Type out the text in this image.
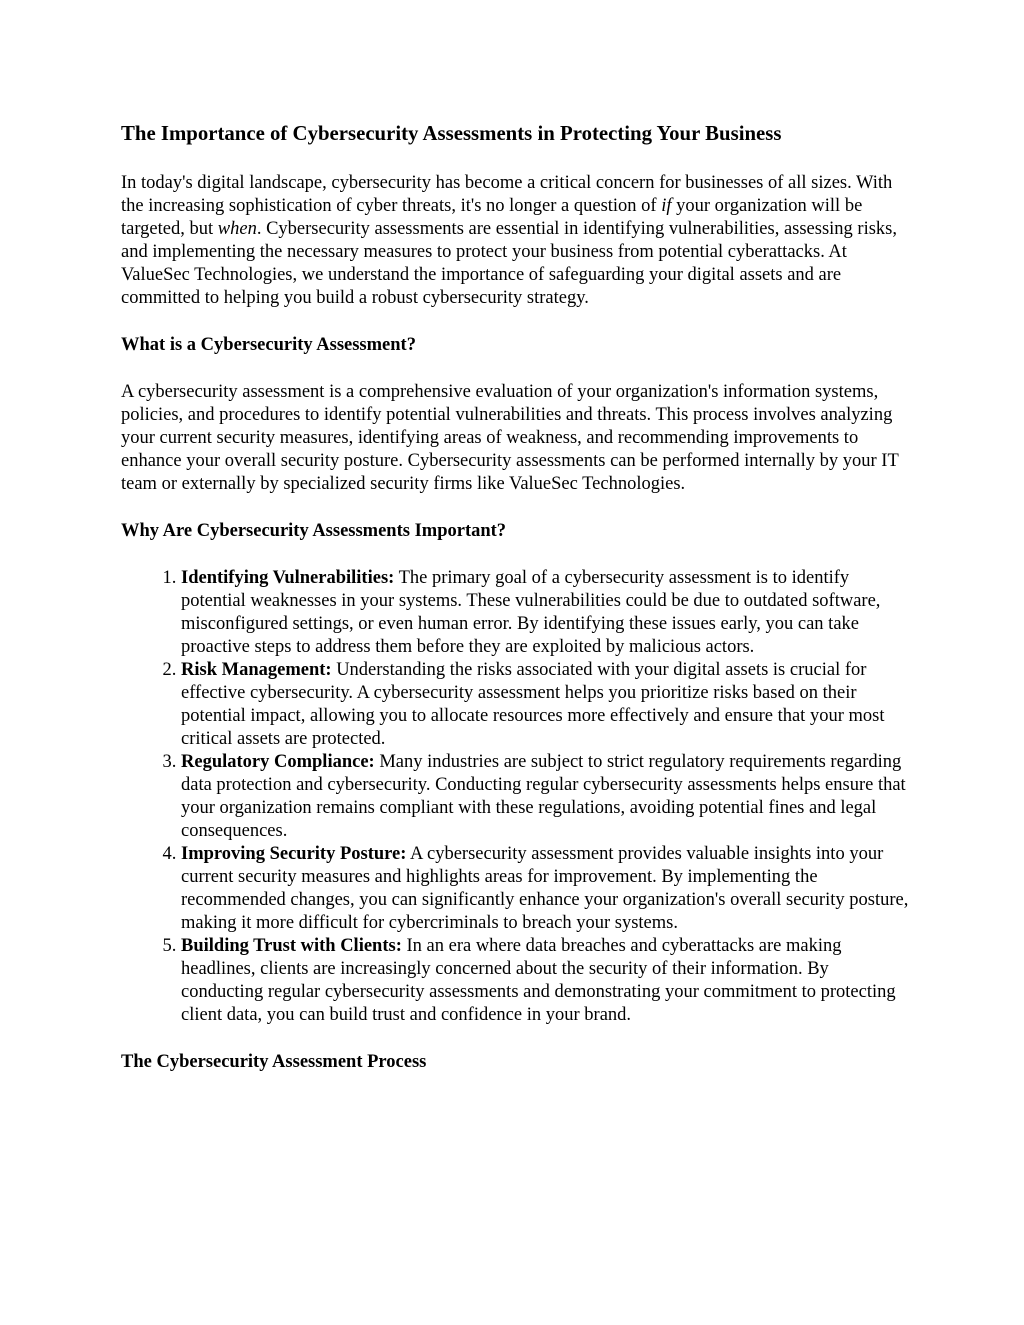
The Importance of Cybersecurity Assessments in Protecting Your Business

In today's digital landscape, cybersecurity has become a critical concern for businesses of all sizes. With the increasing sophistication of cyber threats, it's no longer a question of if your organization will be targeted, but when. Cybersecurity assessments are essential in identifying vulnerabilities, assessing risks, and implementing the necessary measures to protect your business from potential cyberattacks. At ValueSec Technologies, we understand the importance of safeguarding your digital assets and are committed to helping you build a robust cybersecurity strategy.

What is a Cybersecurity Assessment?

A cybersecurity assessment is a comprehensive evaluation of your organization's information systems, policies, and procedures to identify potential vulnerabilities and threats. This process involves analyzing your current security measures, identifying areas of weakness, and recommending improvements to enhance your overall security posture. Cybersecurity assessments can be performed internally by your IT team or externally by specialized security firms like ValueSec Technologies.

Why Are Cybersecurity Assessments Important?
1. Identifying Vulnerabilities: The primary goal of a cybersecurity assessment is to identify potential weaknesses in your systems. These vulnerabilities could be due to outdated software, misconfigured settings, or even human error. By identifying these issues early, you can take proactive steps to address them before they are exploited by malicious actors.
2. Risk Management: Understanding the risks associated with your digital assets is crucial for effective cybersecurity. A cybersecurity assessment helps you prioritize risks based on their potential impact, allowing you to allocate resources more effectively and ensure that your most critical assets are protected.
3. Regulatory Compliance: Many industries are subject to strict regulatory requirements regarding data protection and cybersecurity. Conducting regular cybersecurity assessments helps ensure that your organization remains compliant with these regulations, avoiding potential fines and legal consequences.
4. Improving Security Posture: A cybersecurity assessment provides valuable insights into your current security measures and highlights areas for improvement. By implementing the recommended changes, you can significantly enhance your organization's overall security posture, making it more difficult for cybercriminals to breach your systems.
5. Building Trust with Clients: In an era where data breaches and cyberattacks are making headlines, clients are increasingly concerned about the security of their information. By conducting regular cybersecurity assessments and demonstrating your commitment to protecting client data, you can build trust and confidence in your brand.
The Cybersecurity Assessment Process
